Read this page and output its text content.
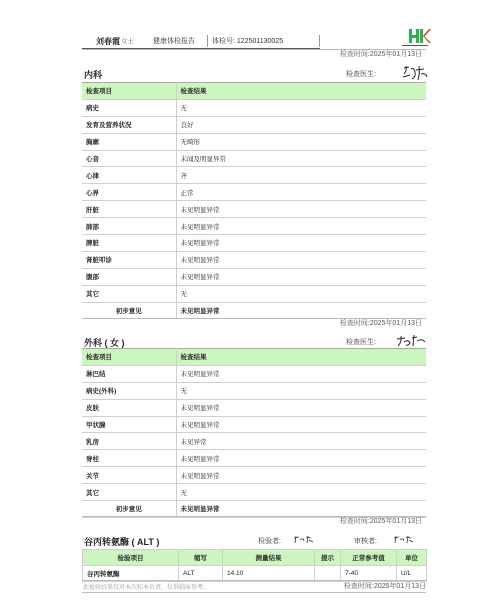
刘春霞 女士	健康体检报告 体检号: 122501130025
检查时间:2025年01月13日
内科	检查医生:
检查项目	检查结果
病史	无
发育及营养状况	良好
胸廓	无畸形
心音	未闻及明显异常
心律	齐
心界	正常
肝脏	未见明显异常
肺部	未见明显异常
脾脏	未见明显异常
肾脏叩诊	未见明显异常
腹部	未见明显异常
其它	无
初步意见	未见明显异常
检查时间:2025年01月13日
外科 ( 女 )	检查医生:
检查项目	检查结果
淋巴结	未见明显异常
病史(外科)	无
皮肤	未见明显异常
甲状腺	未见明显异常
乳房	未见异常
脊柱	未见明显异常
关节	未见明显异常
其它	无
初步意见	未见明显异常
检查时间:2025年01月13日
谷丙转氨酶 ( ALT )	检验者:	审核者:
检验项目	缩写	测量结果	提示	正常参考值	单位
谷丙转氨酶	ALT	14.10		7-40	U/L
此检验结果仅对本次标本负责，仅供临床参考。	检查时间:2025年01月13日
